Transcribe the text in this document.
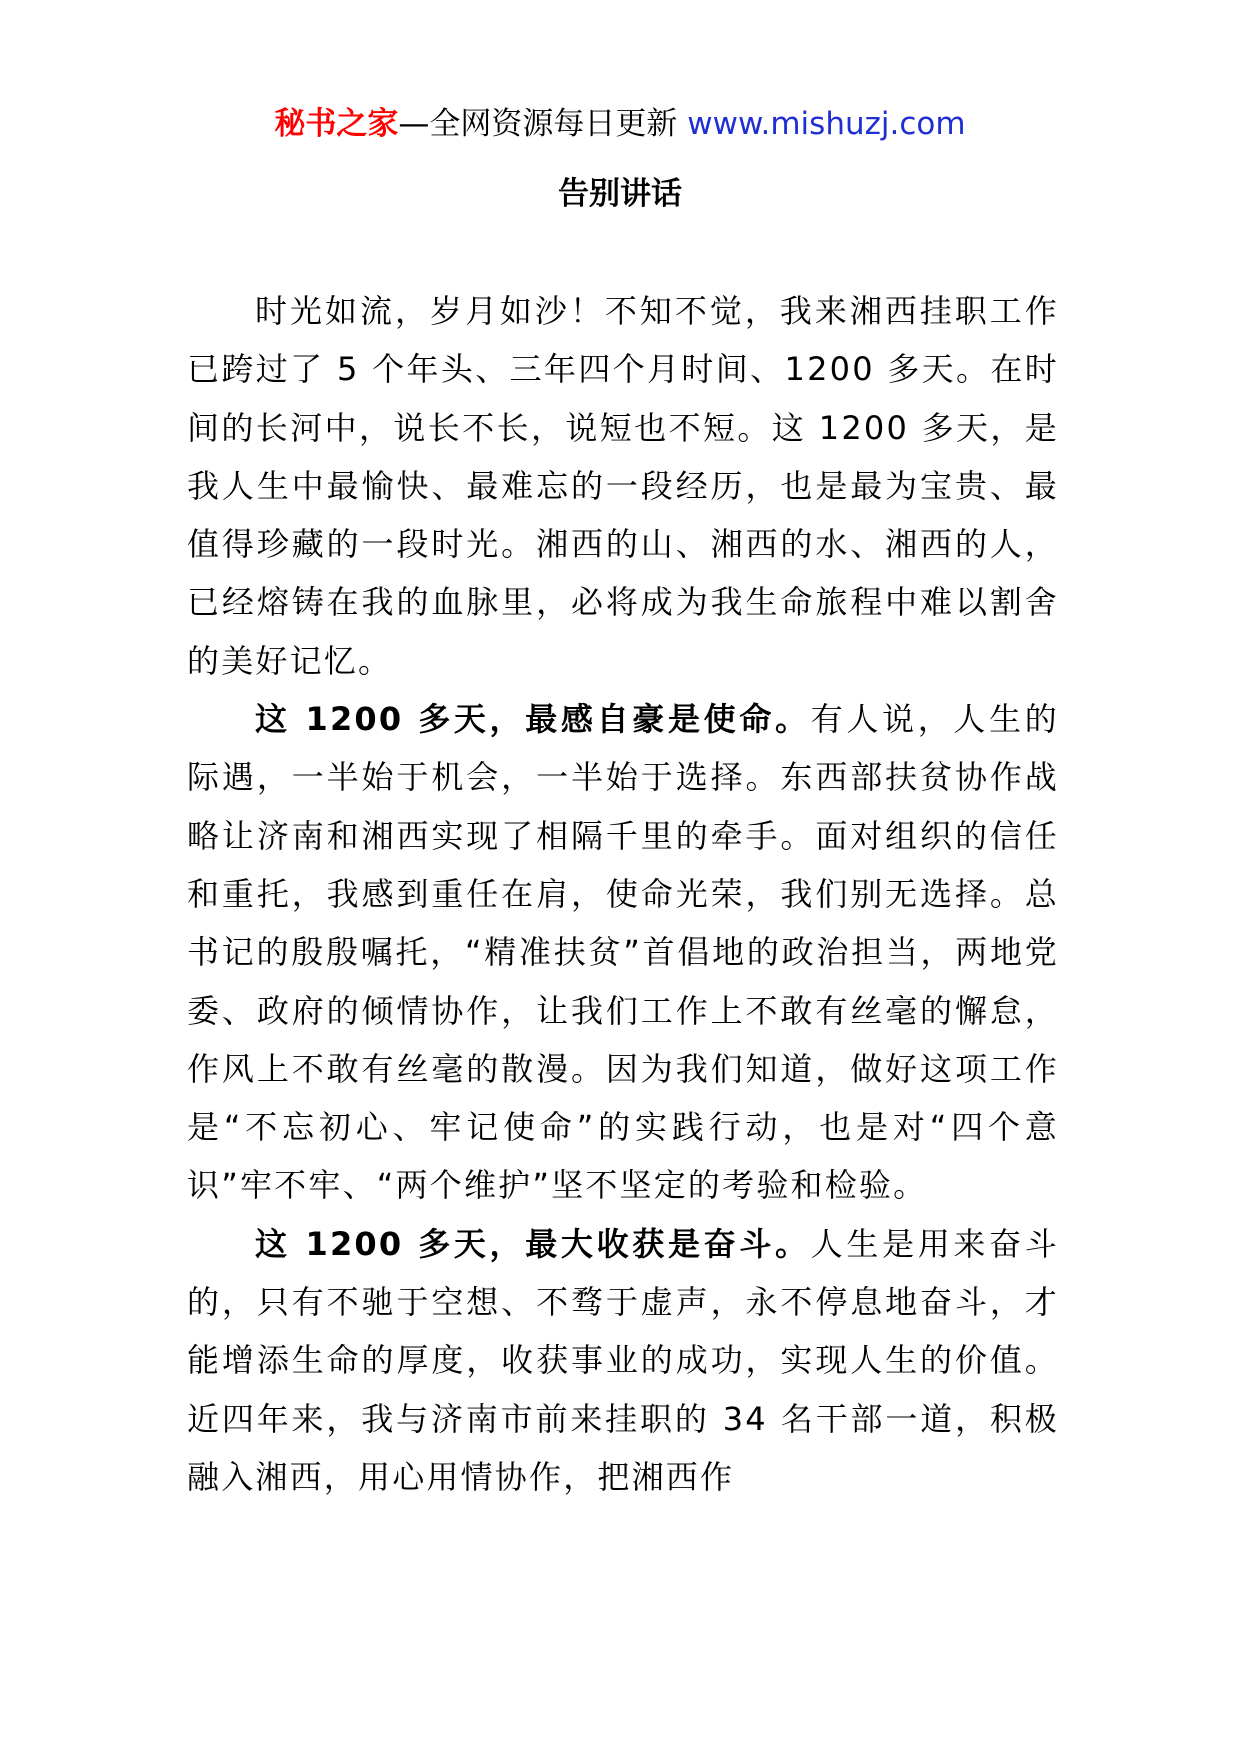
秘书之家—全网资源每日更新 www.mishuzj.com
告别讲话

时光如流，岁月如沙！不知不觉，我来湘西挂职工作已跨过了 5 个年头、三年四个月时间、1200 多天。在时间的长河中，说长不长，说短也不短。这 1200 多天，是我人生中最愉快、最难忘的一段经历，也是最为宝贵、最值得珍藏的一段时光。湘西的山、湘西的水、湘西的人，已经熔铸在我的血脉里，必将成为我生命旅程中难以割舍的美好记忆。

这 1200 多天，最感自豪是使命。有人说，人生的际遇，一半始于机会，一半始于选择。东西部扶贫协作战略让济南和湘西实现了相隔千里的牵手。面对组织的信任和重托，我感到重任在肩，使命光荣，我们别无选择。总书记的殷殷嘱托，“精准扶贫”首倡地的政治担当，两地党委、政府的倾情协作，让我们工作上不敢有丝毫的懈怠，作风上不敢有丝毫的散漫。因为我们知道，做好这项工作是“不忘初心、牢记使命”的实践行动，也是对“四个意识”牢不牢、“两个维护”坚不坚定的考验和检验。

这 1200 多天，最大收获是奋斗。人生是用来奋斗的，只有不驰于空想、不骛于虚声，永不停息地奋斗，才能增添生命的厚度，收获事业的成功，实现人生的价值。近四年来，我与济南市前来挂职的 34 名干部一道，积极融入湘西，用心用情协作，把湘西作
